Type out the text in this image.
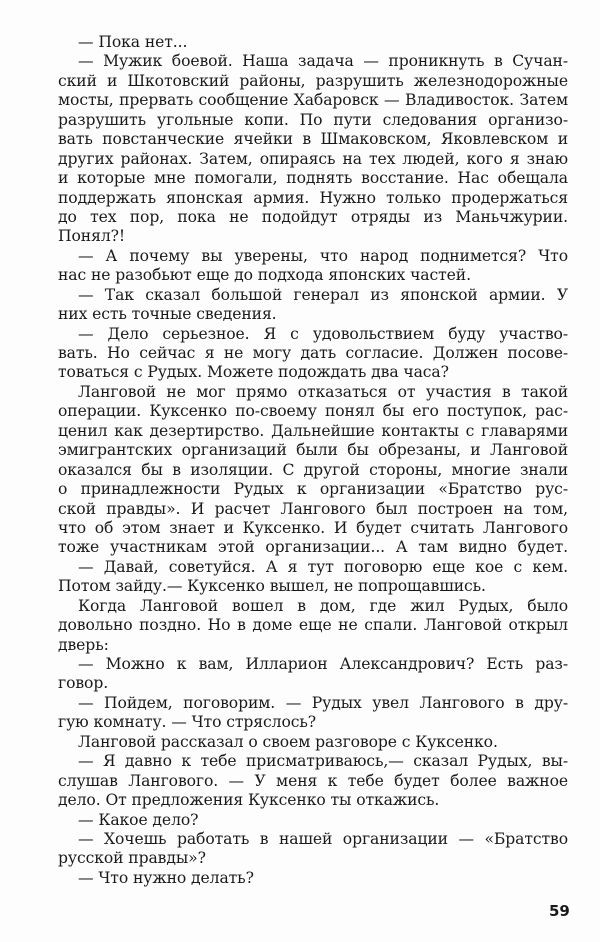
— Пока нет...
— Мужик боевой. Наша задача — проникнуть в Сучан-
ский и Шкотовский районы, разрушить железнодорожные
мосты, прервать сообщение Хабаровск — Владивосток. Затем
разрушить угольные копи. По пути следования организо-
вать повстанческие ячейки в Шмаковском, Яковлевском и
других районах. Затем, опираясь на тех людей, кого я знаю
и которые мне помогали, поднять восстание. Нас обещала
поддержать японская армия. Нужно только продержаться
до тех пор, пока не подойдут отряды из Маньчжурии.
Понял?!
— А почему вы уверены, что народ поднимется? Что
нас не разобьют еще до подхода японских частей.
— Так сказал большой генерал из японской армии. У
них есть точные сведения.
— Дело серьезное. Я с удовольствием буду участво-
вать. Но сейчас я не могу дать согласие. Должен посове-
товаться с Рудых. Можете подождать два часа?
Ланговой не мог прямо отказаться от участия в такой
операции. Куксенко по-своему понял бы его поступок, рас-
ценил как дезертирство. Дальнейшие контакты с главарями
эмигрантских организаций были бы обрезаны, и Ланговой
оказался бы в изоляции. С другой стороны, многие знали
о принадлежности Рудых к организации «Братство рус-
ской правды». И расчет Лангового был построен на том,
что об этом знает и Куксенко. И будет считать Лангового
тоже участникам этой организации... А там видно будет.
— Давай, советуйся. А я тут поговорю еще кое с кем.
Потом зайду.— Куксенко вышел, не попрощавшись.
Когда Ланговой вошел в дом, где жил Рудых, было
довольно поздно. Но в доме еще не спали. Ланговой открыл
дверь:
— Можно к вам, Илларион Александрович? Есть раз-
говор.
— Пойдем, поговорим. — Рудых увел Лангового в дру-
гую комнату. — Что стряслось?
Ланговой рассказал о своем разговоре с Куксенко.
— Я давно к тебе присматриваюсь,— сказал Рудых, вы-
слушав Лангового. — У меня к тебе будет более важное
дело. От предложения Куксенко ты откажись.
— Какое дело?
— Хочешь работать в нашей организации — «Братство
русской правды»?
— Что нужно делать?
59
